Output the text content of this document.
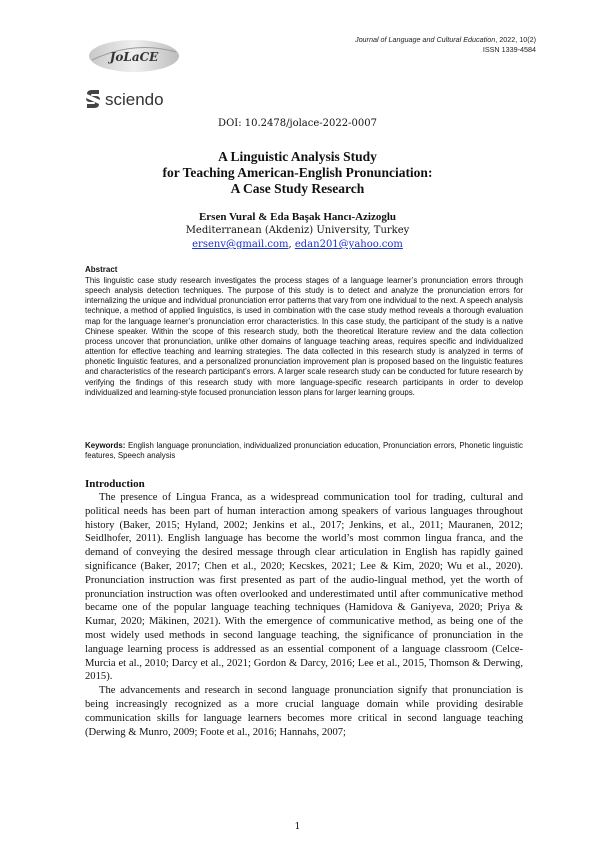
Journal of Language and Cultural Education, 2022, 10(2)
ISSN 1339-4584
JoLaCE
sciendo
DOI: 10.2478/jolace-2022-0007
A Linguistic Analysis Study
for Teaching American-English Pronunciation:
A Case Study Research
Ersen Vural & Eda Başak Hancı-Azizoglu
Mediterranean (Akdeniz) University, Turkey
ersenv@gmail.com, edan201@yahoo.com
Abstract
This linguistic case study research investigates the process stages of a language learner’s pronunciation errors through speech analysis detection techniques. The purpose of this study is to detect and analyze the pronunciation errors for internalizing the unique and individual pronunciation error patterns that vary from one individual to the next. A speech analysis technique, a method of applied linguistics, is used in combination with the case study method reveals a thorough evaluation map for the language learner’s pronunciation error characteristics. In this case study, the participant of the study is a native Chinese speaker. Within the scope of this research study, both the theoretical literature review and the data collection process uncover that pronunciation, unlike other domains of language teaching areas, requires specific and individualized attention for effective teaching and learning strategies. The data collected in this research study is analyzed in terms of phonetic linguistic features, and a personalized pronunciation improvement plan is proposed based on the linguistic features and characteristics of the research participant’s errors. A larger scale research study can be conducted for future research by verifying the findings of this research study with more language-specific research participants in order to develop individualized and learning-style focused pronunciation lesson plans for larger learning groups.
Keywords: English language pronunciation, individualized pronunciation education, Pronunciation errors, Phonetic linguistic features, Speech analysis
Introduction

The presence of Lingua Franca, as a widespread communication tool for trading, cultural and political needs has been part of human interaction among speakers of various languages throughout history (Baker, 2015; Hyland, 2002; Jenkins et al., 2017; Jenkins, et al., 2011; Mauranen, 2012; Seidlhofer, 2011). English language has become the world’s most common lingua franca, and the demand of conveying the desired message through clear articulation in English has rapidly gained significance (Baker, 2017; Chen et al., 2020; Kecskes, 2021; Lee & Kim, 2020; Wu et al., 2020). Pronunciation instruction was first presented as part of the audio-lingual method, yet the worth of pronunciation instruction was often overlooked and underestimated until after communicative method became one of the popular language teaching techniques (Hamidova & Ganiyeva, 2020; Priya & Kumar, 2020; Mäkinen, 2021). With the emergence of communicative method, as being one of the most widely used methods in second language teaching, the significance of pronunciation in the language learning process is addressed as an essential component of a language classroom (Celce-Murcia et al., 2010; Darcy et al., 2021; Gordon & Darcy, 2016; Lee et al., 2015, Thomson & Derwing, 2015).

The advancements and research in second language pronunciation signify that pronunciation is being increasingly recognized as a more crucial language domain while providing desirable communication skills for language learners becomes more critical in second language teaching (Derwing & Munro, 2009; Foote et al., 2016; Hannahs, 2007;

1
